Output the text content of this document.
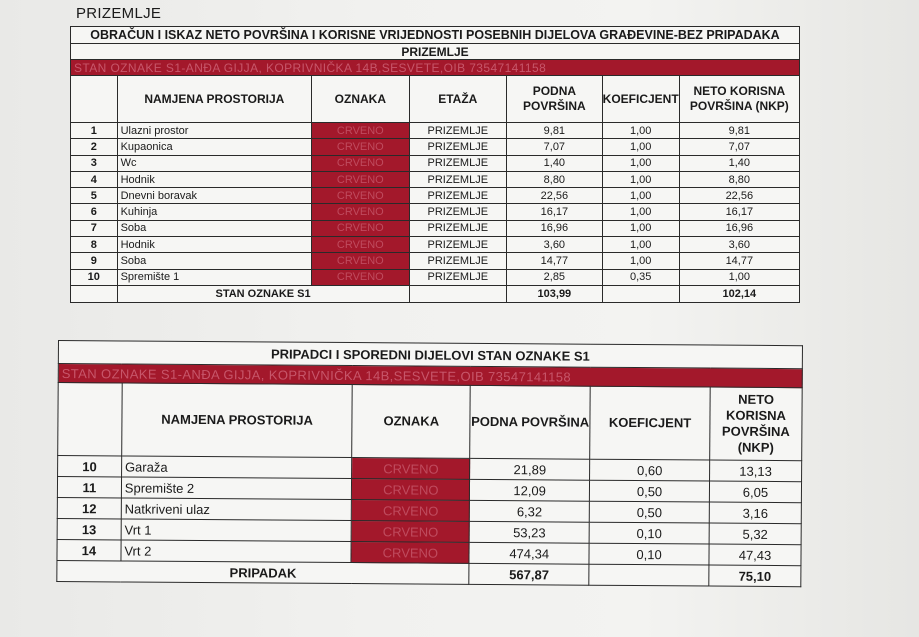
PRIZEMLJE
OBRAČUN I ISKAZ NETO POVRŠINA I KORISNE VRIJEDNOSTI POSEBNIH DIJELOVA GRAĐEVINE-BEZ PRIPADAKA						
PRIZEMLJE						
STAN OZNAKE S1-ANĐA GIJJA, KOPRIVNIČKA 14B,SESVETE,OIB 73547141158						
	NAMJENA PROSTORIJA	OZNAKA	ETAŽA	PODNA POVRŠINA	KOEFICJENT	NETO KORISNA POVRŠINA (NKP)
1	Ulazni prostor	CRVENO	PRIZEMLJE	9,81	1,00	9,81
2	Kupaonica	CRVENO	PRIZEMLJE	7,07	1,00	7,07
3	Wc	CRVENO	PRIZEMLJE	1,40	1,00	1,40
4	Hodnik	CRVENO	PRIZEMLJE	8,80	1,00	8,80
5	Dnevni boravak	CRVENO	PRIZEMLJE	22,56	1,00	22,56
6	Kuhinja	CRVENO	PRIZEMLJE	16,17	1,00	16,17
7	Soba	CRVENO	PRIZEMLJE	16,96	1,00	16,96
8	Hodnik	CRVENO	PRIZEMLJE	3,60	1,00	3,60
9	Soba	CRVENO	PRIZEMLJE	14,77	1,00	14,77
10	Spremište 1	CRVENO	PRIZEMLJE	2,85	0,35	1,00
	STAN OZNAKE S1			103,99		102,14
PRIPADCI I SPOREDNI DIJELOVI STAN OZNAKE S1					
STAN OZNAKE S1-ANĐA GIJJA, KOPRIVNIČKA 14B,SESVETE,OIB 73547141158					
	NAMJENA PROSTORIJA	OZNAKA	PODNA POVRŠINA	KOEFICJENT	NETO KORISNA POVRŠINA (NKP)
10	Garaža	CRVENO	21,89	0,60	13,13
11	Spremište 2	CRVENO	12,09	0,50	6,05
12	Natkriveni ulaz	CRVENO	6,32	0,50	3,16
13	Vrt 1	CRVENO	53,23	0,10	5,32
14	Vrt 2	CRVENO	474,34	0,10	47,43
PRIPADAK			567,87		75,10
